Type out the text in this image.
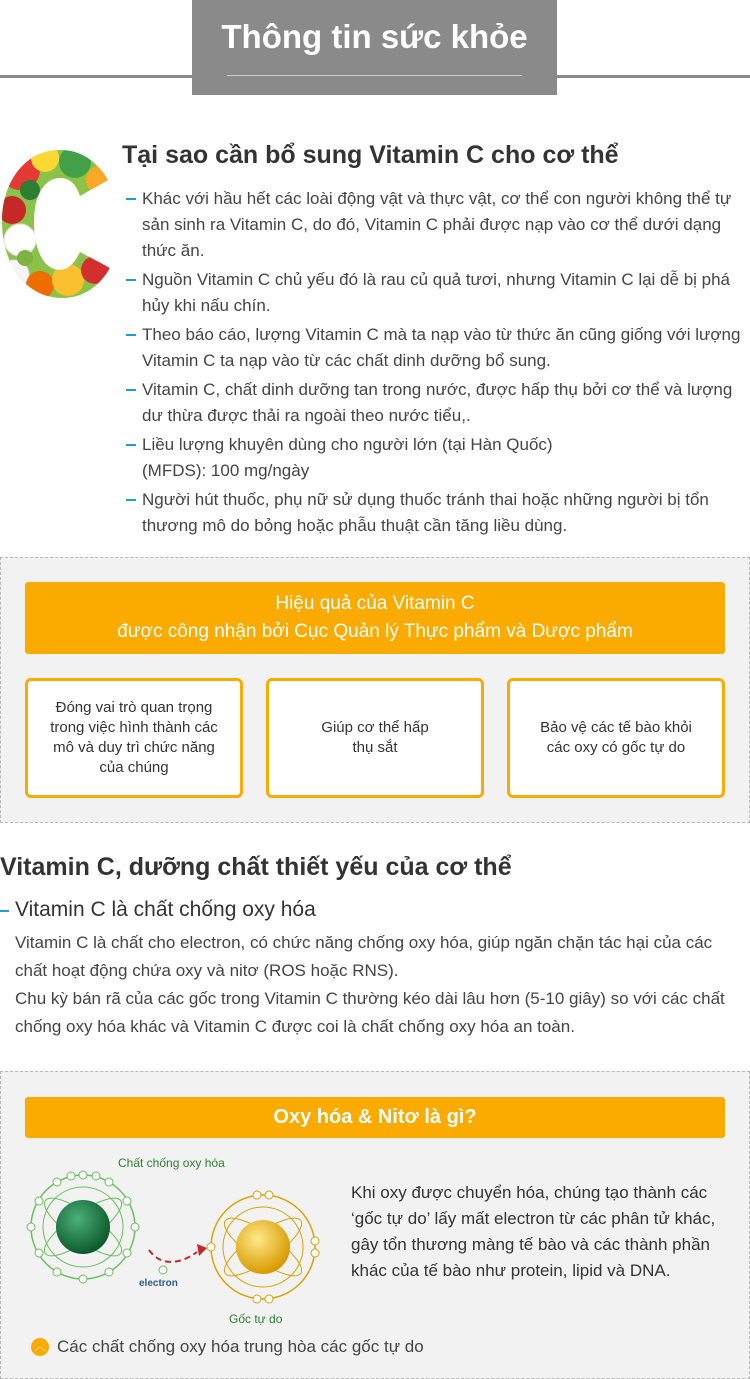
Thông tin sức khỏe
Tại sao cần bổ sung Vitamin C cho cơ thể
Khác với hầu hết các loài động vật và thực vật, cơ thể con người không thể tự sản sinh ra Vitamin C, do đó, Vitamin C phải được nạp vào cơ thể dưới dạng thức ăn.
Nguồn Vitamin C chủ yếu đó là rau củ quả tươi, nhưng Vitamin C lại dễ bị phá hủy khi nấu chín.
Theo báo cáo, lượng Vitamin C mà ta nạp vào từ thức ăn cũng giống với lượng Vitamin C ta nạp vào từ các chất dinh dưỡng bổ sung.
Vitamin C, chất dinh dưỡng tan trong nước, được hấp thụ bởi cơ thể và lượng dư thừa được thải ra ngoài theo nước tiểu,.
Liều lượng khuyên dùng cho người lớn (tại Hàn Quốc) (MFDS): 100 mg/ngày
Người hút thuốc, phụ nữ sử dụng thuốc tránh thai hoặc những người bị tổn thương mô do bỏng hoặc phẫu thuật cần tăng liều dùng.
Hiệu quả của Vitamin C
được công nhận bởi Cục Quản lý Thực phẩm và Dược phẩm
Đóng vai trò quan trọng trong việc hình thành các mô và duy trì chức năng của chúng
Giúp cơ thể hấp thụ sắt
Bảo vệ các tế bào khỏi các oxy có gốc tự do
Vitamin C, dưỡng chất thiết yếu của cơ thể
Vitamin C là chất chống oxy hóa
Vitamin C là chất cho electron, có chức năng chống oxy hóa, giúp ngăn chặn tác hại của các chất hoạt động chứa oxy và nitơ (ROS hoặc RNS).
Chu kỳ bán rã của các gốc trong Vitamin C thường kéo dài lâu hơn (5-10 giây) so với các chất chống oxy hóa khác và Vitamin C được coi là chất chống oxy hóa an toàn.
Oxy hóa & Nitơ là gì?
Chất chống oxy hóa
electron
Gốc tự do
Khi oxy được chuyển hóa, chúng tạo thành các ‘gốc tự do’ lấy mất electron từ các phân tử khác, gây tổn thương màng tế bào và các thành phần khác của tế bào như protein, lipid và DNA.
︿ Các chất chống oxy hóa trung hòa các gốc tự do
